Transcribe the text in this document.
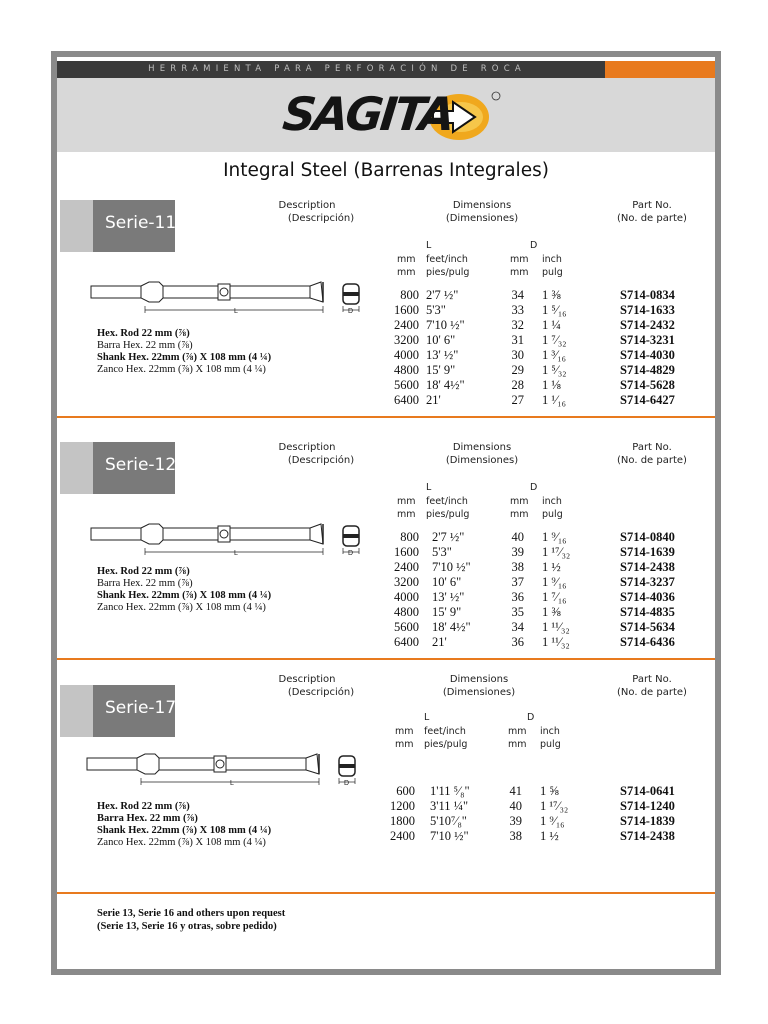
HERRAMIENTA PARA PERFORACIÓN DE ROCA
SAGITA
Integral Steel (Barrenas Integrales)
Serie-11
Description
(Descripción)
Dimensions
(Dimensiones)
Part No.
(No. de parte)
L	D
mm feet/inch	mm inch
mm pies/pulg	mm pulg
L	D
Hex. Rod 22 mm (⅞)
Barra Hex. 22 mm (⅞)
Shank Hex. 22mm (⅞) X 108 mm (4 ¼)
Zanco Hex. 22mm (⅞) X 108 mm (4 ¼)
800 2'7 ½"	34 1 ⅜	S714-0834
1600 5'3"	33 1 ⁵⁄₁₆	S714-1633
2400 7'10 ½"	32 1 ¼	S714-2432
3200 10' 6"	31 1 ⁷⁄₃₂	S714-3231
4000 13' ½"	30 1 ³⁄₁₆	S714-4030
4800 15' 9"	29 1 ⁵⁄₃₂	S714-4829
5600 18' 4½"	28 1 ⅛	S714-5628
6400 21'	27 1 ¹⁄₁₆	S714-6427
Serie-12
Description
(Descripción)
Dimensions
(Dimensiones)
Part No.
(No. de parte)
L	D
mm feet/inch	mm inch
mm pies/pulg	mm pulg
L	D
Hex. Rod 22 mm (⅞)
Barra Hex. 22 mm (⅞)
Shank Hex. 22mm (⅞) X 108 mm (4 ¼)
Zanco Hex. 22mm (⅞) X 108 mm (4 ¼)
800 2'7 ½"	40 1 ⁹⁄₁₆	S714-0840
1600 5'3"	39 1 ¹⁷⁄₃₂	S714-1639
2400 7'10 ½"	38 1 ½	S714-2438
3200 10' 6"	37 1 ⁹⁄₁₆	S714-3237
4000 13' ½"	36 1 ⁷⁄₁₆	S714-4036
4800 15' 9"	35 1 ⅜	S714-4835
5600 18' 4½"	34 1 ¹¹⁄₃₂	S714-5634
6400 21'	36 1 ¹¹⁄₃₂	S714-6436
Serie-17
Description
(Descripción)
Dimensions
(Dimensiones)
Part No.
(No. de parte)
L	D
mm feet/inch	mm inch
mm pies/pulg	mm pulg
L	D
Hex. Rod 22 mm (⅞)
Barra Hex. 22 mm (⅞)
Shank Hex. 22mm (⅞) X 108 mm (4 ¼)
Zanco Hex. 22mm (⅞) X 108 mm (4 ¼)
600 1'11 ⁵⁄₈"	41 1 ⅝	S714-0641
1200 3'11 ¼"	40 1 ¹⁷⁄₃₂	S714-1240
1800 5'10⁷⁄₈"	39 1 ⁹⁄₁₆	S714-1839
2400 7'10 ½"	38 1 ½	S714-2438
Serie 13, Serie 16 and others upon request
(Serie 13, Serie 16 y otras, sobre pedido)
